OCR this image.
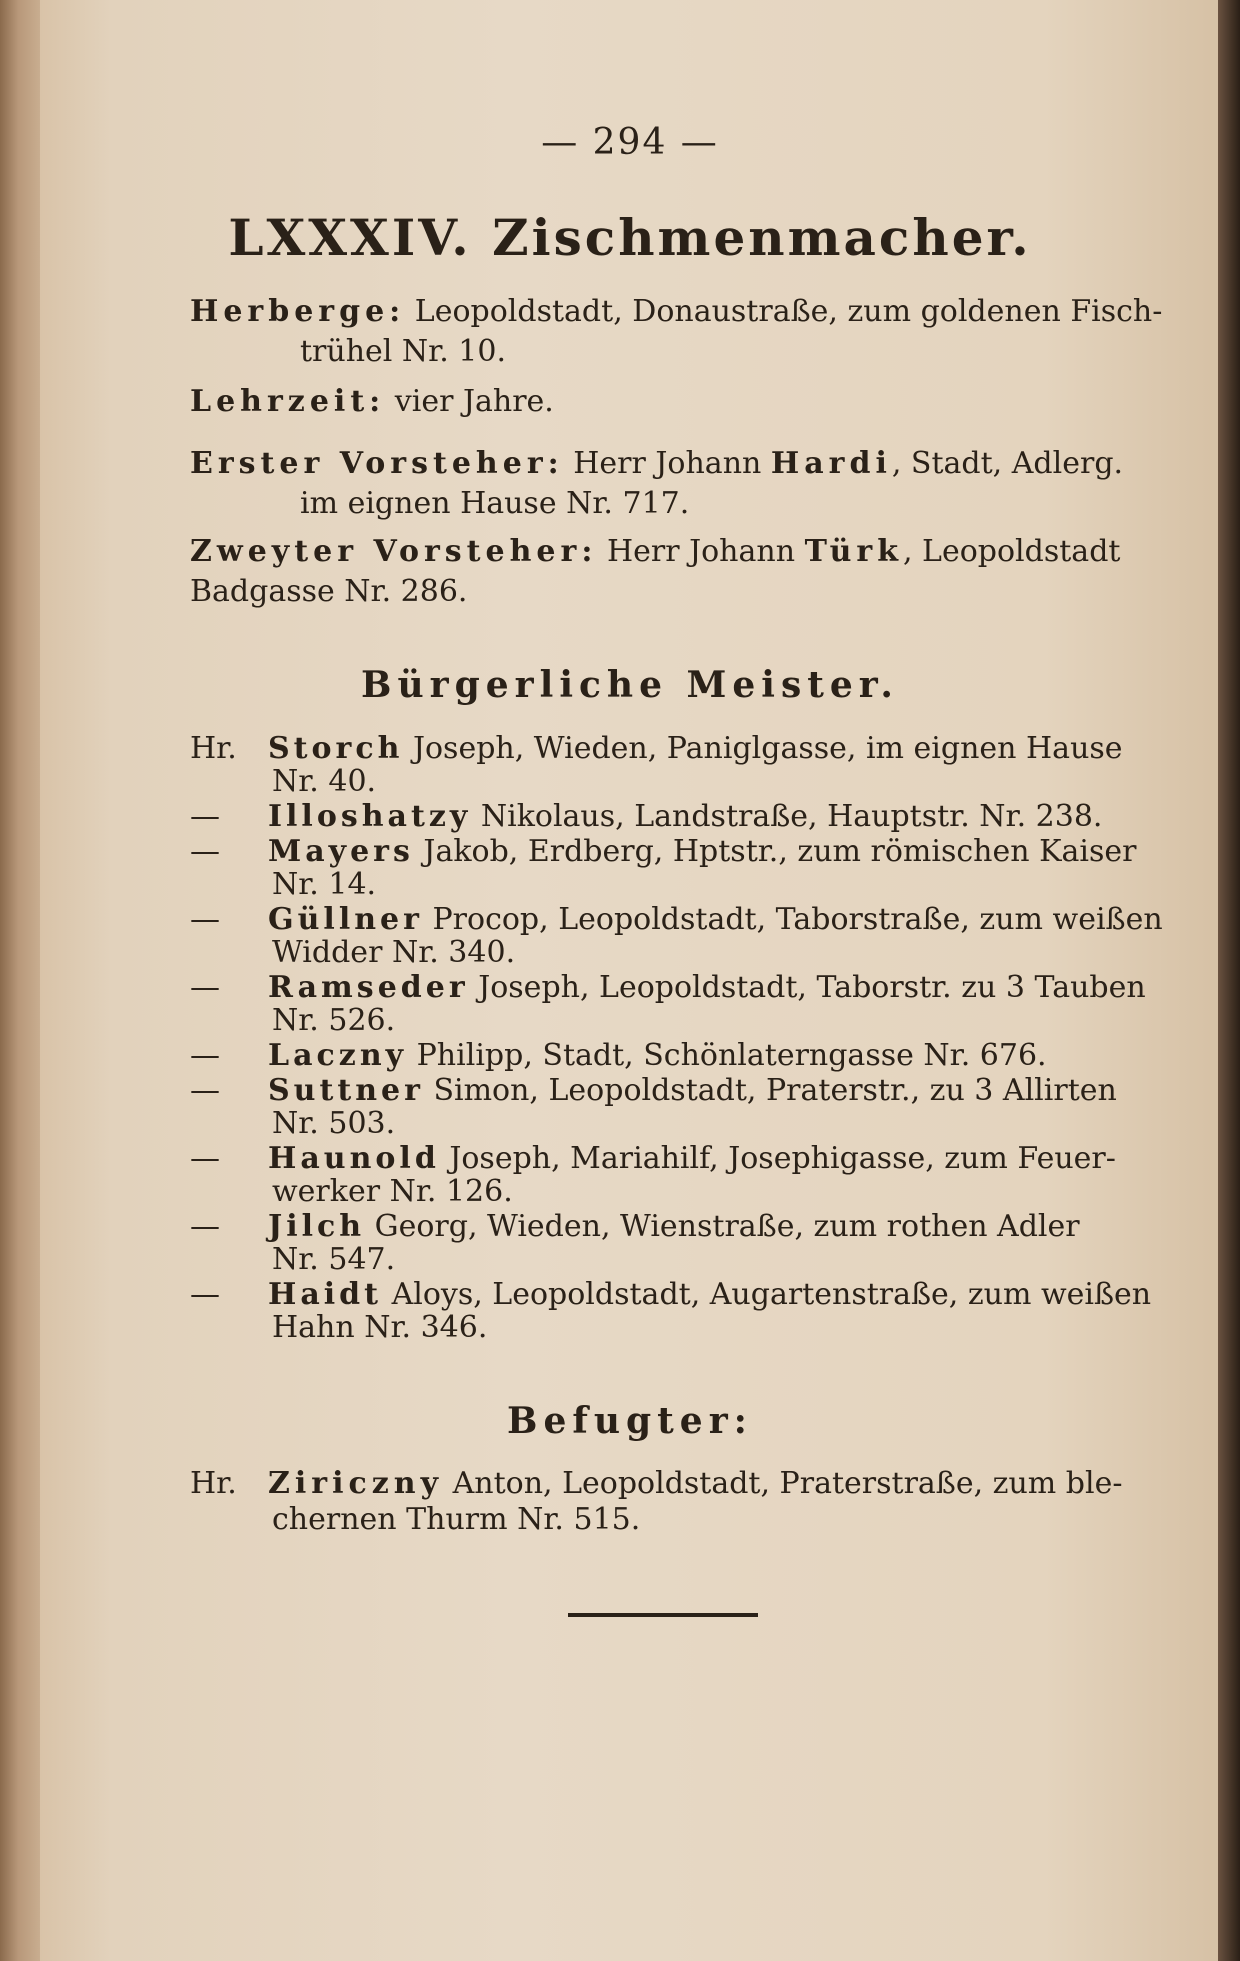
— 294 —
LXXXIV. Zischmenmacher.
Herberge: Leopoldstadt, Donaustraße, zum goldenen Fisch-
trühel Nr. 10.
Lehrzeit: vier Jahre.
Erster Vorsteher: Herr Johann Hardi, Stadt, Adlerg.
im eignen Hause Nr. 717.
Zweyter Vorsteher: Herr Johann Türk, Leopoldstadt
Badgasse Nr. 286.
Bürgerliche Meister.
Hr. Storch Joseph, Wieden, Paniglgasse, im eignen Hause
Nr. 40.
— Illoshatzy Nikolaus, Landstraße, Hauptstr. Nr. 238.
— Mayers Jakob, Erdberg, Hptstr., zum römischen Kaiser
Nr. 14.
— Güllner Procop, Leopoldstadt, Taborstraße, zum weißen
Widder Nr. 340.
— Ramseder Joseph, Leopoldstadt, Taborstr. zu 3 Tauben
Nr. 526.
— Laczny Philipp, Stadt, Schönlaterngasse Nr. 676.
— Suttner Simon, Leopoldstadt, Praterstr., zu 3 Allirten
Nr. 503.
— Haunold Joseph, Mariahilf, Josephigasse, zum Feuer-
werker Nr. 126.
— Jilch Georg, Wieden, Wienstraße, zum rothen Adler
Nr. 547.
— Haidt Aloys, Leopoldstadt, Augartenstraße, zum weißen
Hahn Nr. 346.
Befugter:
Hr. Ziriczny Anton, Leopoldstadt, Praterstraße, zum ble-
chernen Thurm Nr. 515.
